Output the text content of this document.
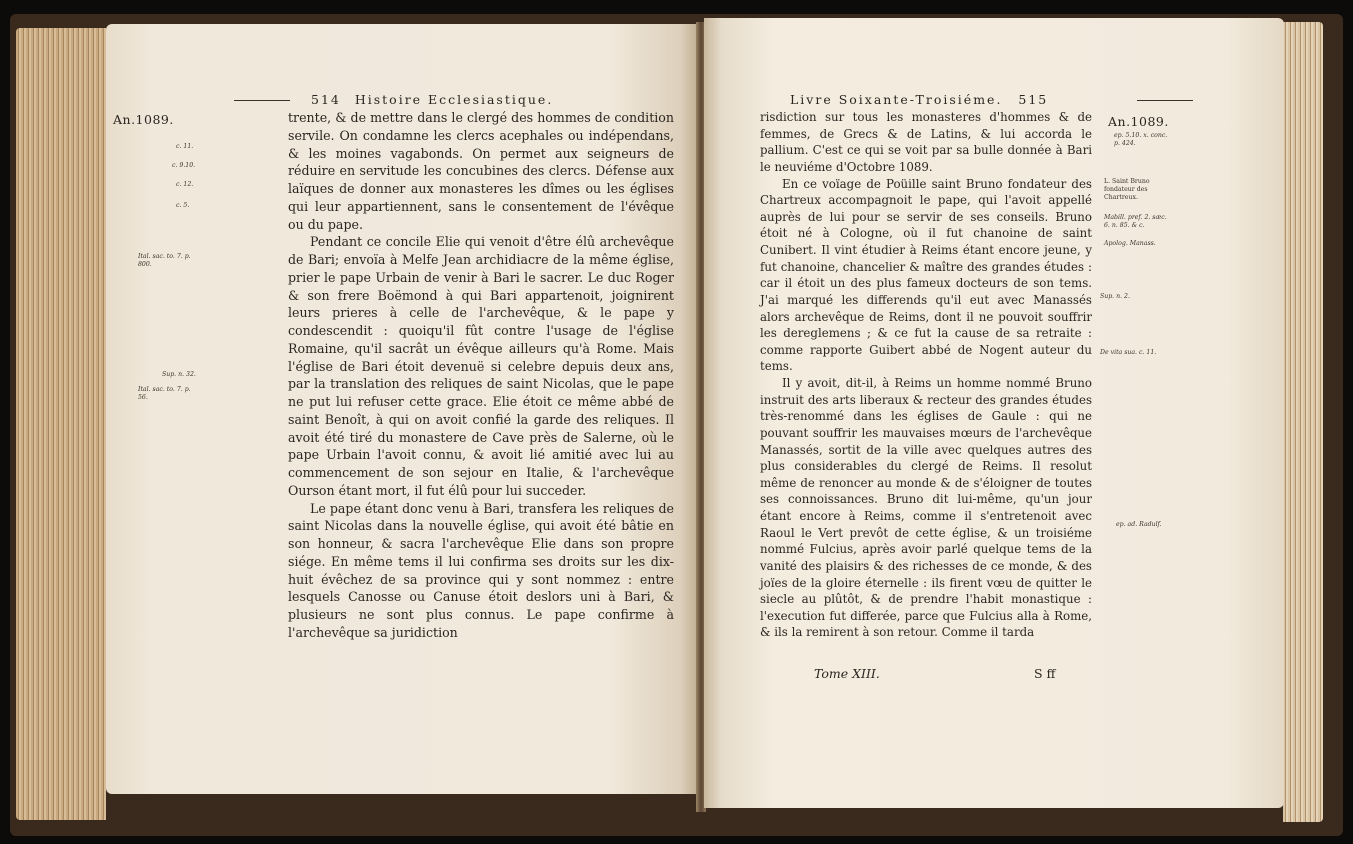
514 Histoire Ecclesiastique.
An.1089.
c. 11.
c. 9.10.
c. 12.
c. 5.
Ital. sac. to. 7. p. 800.
Sup. n. 32.
Ital. sac. to. 7. p. 56.

trente, & de mettre dans le clergé des hommes de condition servile. On condamne les clercs acephales ou indépendans, & les moines vagabonds. On permet aux seigneurs de réduire en servitude les concubines des clercs. Défense aux laïques de donner aux monasteres les dîmes ou les églises qui leur appartiennent, sans le consentement de l'évêque ou du pape.

Pendant ce concile Elie qui venoit d'être élû archevêque de Bari; envoïa à Melfe Jean archidiacre de la même église, prier le pape Urbain de venir à Bari le sacrer. Le duc Roger & son frere Boëmond à qui Bari appartenoit, joignirent leurs prieres à celle de l'archevêque, & le pape y condescendit : quoiqu'il fût contre l'usage de l'église Romaine, qu'il sacrât un évêque ailleurs qu'à Rome. Mais l'église de Bari étoit devenuë si celebre depuis deux ans, par la translation des reliques de saint Nicolas, que le pape ne put lui refuser cette grace. Elie étoit ce même abbé de saint Benoît, à qui on avoit confié la garde des reliques. Il avoit été tiré du monastere de Cave près de Salerne, où le pape Urbain l'avoit connu, & avoit lié amitié avec lui au commencement de son sejour en Italie, & l'archevêque Ourson étant mort, il fut élû pour lui succeder.

Le pape étant donc venu à Bari, transfera les reliques de saint Nicolas dans la nouvelle église, qui avoit été bâtie en son honneur, & sacra l'archevêque Elie dans son propre siége. En même tems il lui confirma ses droits sur les dix-huit évêchez de sa province qui y sont nommez : entre lesquels Canosse ou Canuse étoit deslors uni à Bari, & plusieurs ne sont plus connus. Le pape confirme à l'archevêque sa juridiction

Livre Soixante-Troisiéme. 515
An.1089.
ep. 5.10. x. conc. p. 424.
L. Saint Bruno fondateur des Chartreux.
Mabill. pref. 2. sæc. 6. n. 85. & c.
Apolog. Manass.
Sup. n. 2.
De vita sua. c. 11.
ep. ad. Radulf.

risdiction sur tous les monasteres d'hommes & de femmes, de Grecs & de Latins, & lui accorda le pallium. C'est ce qui se voit par sa bulle donnée à Bari le neuviéme d'Octobre 1089.

En ce voïage de Poüille saint Bruno fondateur des Chartreux accompagnoit le pape, qui l'avoit appellé auprès de lui pour se servir de ses conseils. Bruno étoit né à Cologne, où il fut chanoine de saint Cunibert. Il vint étudier à Reims étant encore jeune, y fut chanoine, chancelier & maître des grandes études : car il étoit un des plus fameux docteurs de son tems. J'ai marqué les differends qu'il eut avec Manassés alors archevêque de Reims, dont il ne pouvoit souffrir les dereglemens ; & ce fut la cause de sa retraite : comme rapporte Guibert abbé de Nogent auteur du tems.

Il y avoit, dit-il, à Reims un homme nommé Bruno instruit des arts liberaux & recteur des grandes études très-renommé dans les églises de Gaule : qui ne pouvant souffrir les mauvaises mœurs de l'archevêque Manassés, sortit de la ville avec quelques autres des plus considerables du clergé de Reims. Il resolut même de renoncer au monde & de s'éloigner de toutes ses connoissances. Bruno dit lui-même, qu'un jour étant encore à Reims, comme il s'entretenoit avec Raoul le Vert prevôt de cette église, & un troisiéme nommé Fulcius, après avoir parlé quelque tems de la vanité des plaisirs & des richesses de ce monde, & des joïes de la gloire éternelle : ils firent vœu de quitter le siecle au plûtôt, & de prendre l'habit monastique : l'execution fut differée, parce que Fulcius alla à Rome, & ils la remirent à son retour. Comme il tarda

Tome XIII.	S ff
